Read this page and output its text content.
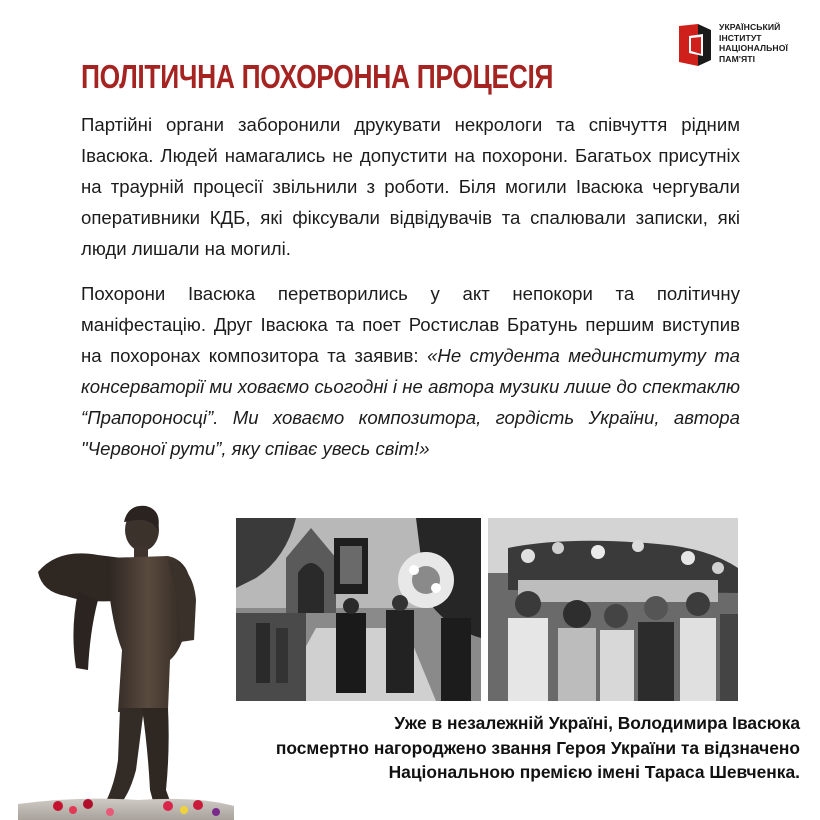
УКРАЇНСЬКИЙ
ІНСТИТУТ
НАЦІОНАЛЬНОЇ
ПАМ'ЯТІ
ПОЛІТИЧНА ПОХОРОННА ПРОЦЕСІЯ

Партійні органи заборонили друкувати некрологи та співчуття рідним Івасюка. Людей намагались не допустити на похорони. Багатьох присутніх на траурній процесії звільнили з роботи. Біля могили Івасюка чергували оперативники КДБ, які фіксували відвідувачів та спалювали записки, які люди лишали на могилі.

Похорони Івасюка перетворились у акт непокори та політичну маніфестацію. Друг Івасюка та поет Ростислав Братунь першим виступив на похоронах композитора та заявив: «Не студента мединституту та консерваторії ми ховаємо сьогодні і не автора музики лише до спектаклю “Прапороносці”. Ми ховаємо композитора, гордість України, автора "Червоної рути”, яку співає увесь світ!»

Уже в незалежній Україні, Володимира Івасюка
посмертно нагороджено звання Героя України та відзначено
Національною премією імені Тараса Шевченка.
